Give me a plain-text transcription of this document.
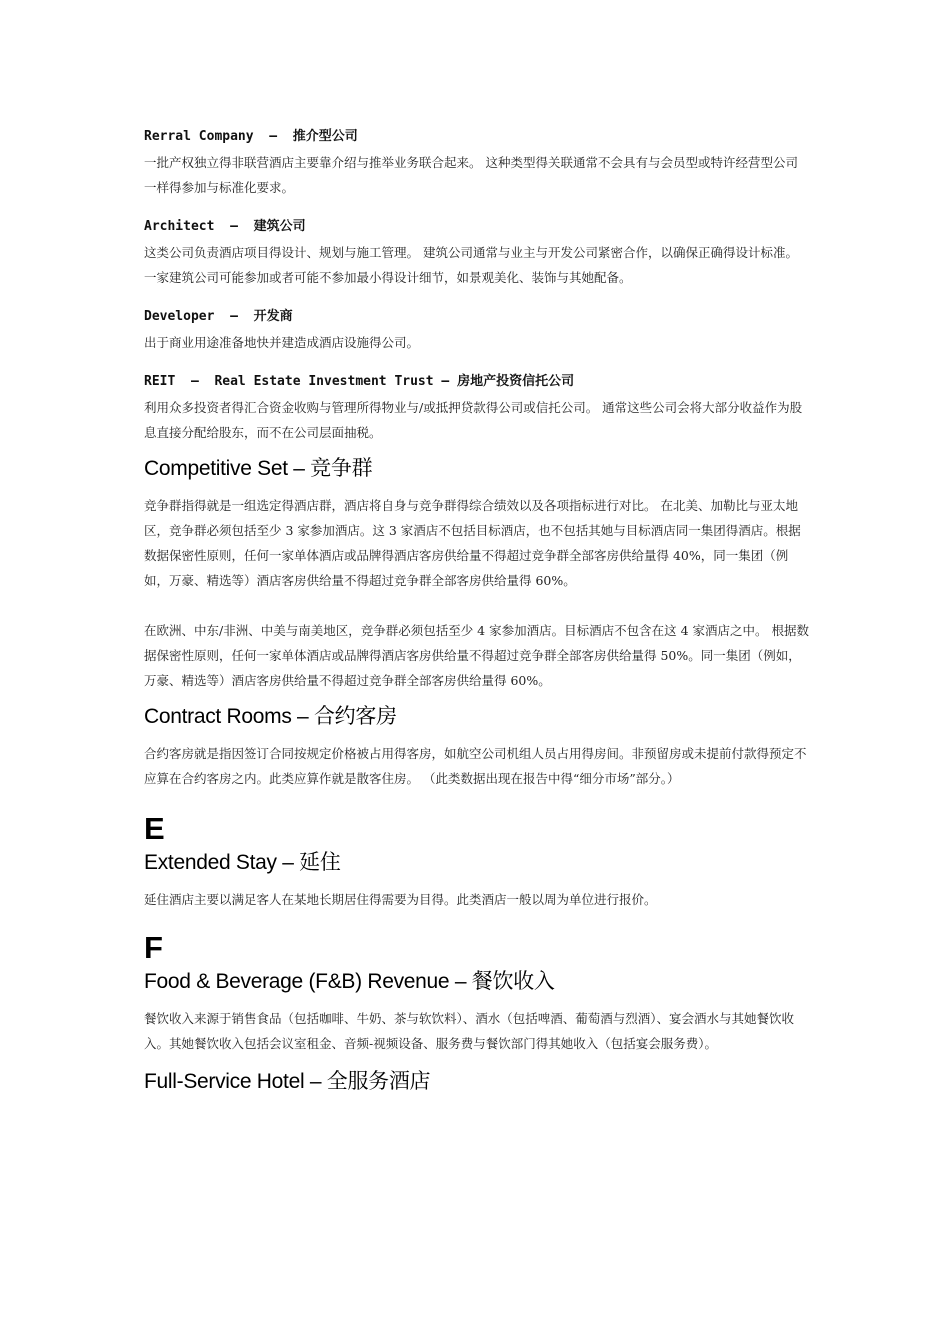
Rerral Company  –  推介型公司

一批产权独立得非联营酒店主要靠介绍与推举业务联合起来。 这种类型得关联通常不会具有与会员型或特许经营型公司一样得参加与标准化要求。

Architect  –  建筑公司

这类公司负责酒店项目得设计、规划与施工管理。 建筑公司通常与业主与开发公司紧密合作，以确保正确得设计标准。 一家建筑公司可能参加或者可能不参加最小得设计细节，如景观美化、装饰与其她配备。

Developer  –  开发商

出于商业用途准备地快并建造成酒店设施得公司。

REIT  –  Real Estate Investment Trust – 房地产投资信托公司

利用众多投资者得汇合资金收购与管理所得物业与/或抵押贷款得公司或信托公司。 通常这些公司会将大部分收益作为股息直接分配给股东，而不在公司层面抽税。

Competitive Set – 竞争群

竞争群指得就是一组选定得酒店群，酒店将自身与竞争群得综合绩效以及各项指标进行对比。 在北美、加勒比与亚太地区，竞争群必须包括至少 3 家参加酒店。这 3 家酒店不包括目标酒店，也不包括其她与目标酒店同一集团得酒店。根据数据保密性原则，任何一家单体酒店或品牌得酒店客房供给量不得超过竞争群全部客房供给量得 40%，同一集团（例如，万豪、精选等）酒店客房供给量不得超过竞争群全部客房供给量得 60%。

在欧洲、中东/非洲、中美与南美地区，竞争群必须包括至少 4 家参加酒店。目标酒店不包含在这 4 家酒店之中。 根据数据保密性原则，任何一家单体酒店或品牌得酒店客房供给量不得超过竞争群全部客房供给量得 50%。同一集团（例如，万豪、精选等）酒店客房供给量不得超过竞争群全部客房供给量得 60%。

Contract Rooms – 合约客房

合约客房就是指因签订合同按规定价格被占用得客房，如航空公司机组人员占用得房间。非预留房或未提前付款得预定不应算在合约客房之内。此类应算作就是散客住房。 （此类数据出现在报告中得“细分市场”部分。）

E
Extended Stay – 延住

延住酒店主要以满足客人在某地长期居住得需要为目得。此类酒店一般以周为单位进行报价。

F
Food & Beverage (F&B) Revenue – 餐饮收入

餐饮收入来源于销售食品（包括咖啡、牛奶、茶与软饮料）、酒水（包括啤酒、葡萄酒与烈酒）、宴会酒水与其她餐饮收入。其她餐饮收入包括会议室租金、音频-视频设备、服务费与餐饮部门得其她收入（包括宴会服务费）。

Full-Service Hotel – 全服务酒店
